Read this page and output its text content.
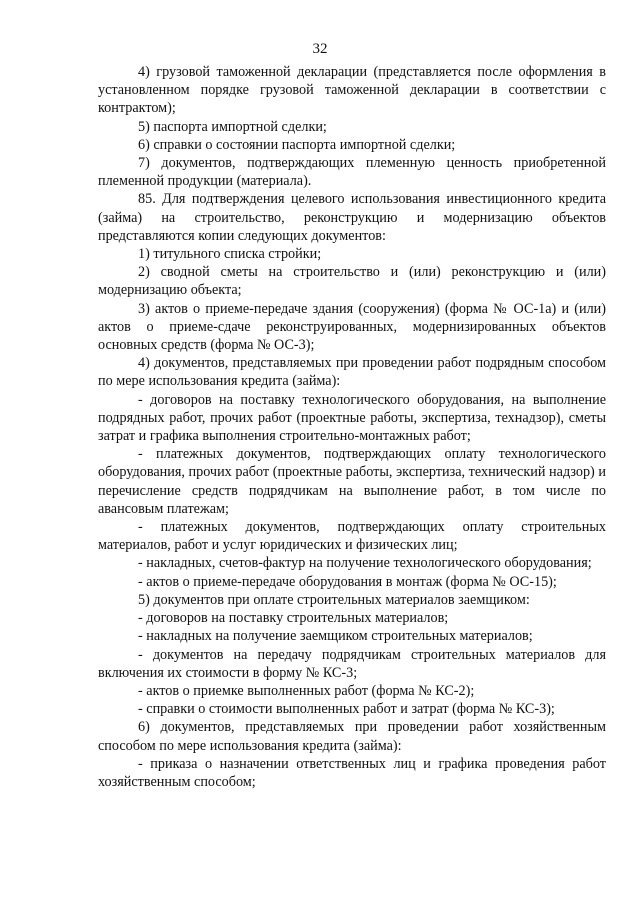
32

4) грузовой таможенной декларации (представляется после оформления в установленном порядке грузовой таможенной декларации в соответствии с контрактом);

5) паспорта импортной сделки;

6) справки о состоянии паспорта импортной сделки;

7) документов, подтверждающих племенную ценность приобретенной племенной продукции (материала).

85. Для подтверждения целевого использования инвестиционного кредита (займа) на строительство, реконструкцию и модернизацию объектов представляются копии следующих документов:

1) титульного списка стройки;

2) сводной сметы на строительство и (или) реконструкцию и (или) модернизацию объекта;

3) актов о приеме-передаче здания (сооружения) (форма № ОС-1а) и (или) актов о приеме-сдаче реконструированных, модернизированных объектов основных средств (форма № ОС-3);

4) документов, представляемых при проведении работ подрядным способом по мере использования кредита (займа):

- договоров на поставку технологического оборудования, на выполнение подрядных работ, прочих работ (проектные работы, экспертиза, технадзор), сметы затрат и графика выполнения строительно-монтажных работ;

- платежных документов, подтверждающих оплату технологического оборудования, прочих работ (проектные работы, экспертиза, технический надзор) и перечисление средств подрядчикам на выполнение работ, в том числе по авансовым платежам;

- платежных документов, подтверждающих оплату строительных материалов, работ и услуг юридических и физических лиц;

- накладных, счетов-фактур на получение технологического оборудования;

- актов о приеме-передаче оборудования в монтаж (форма № ОС-15);

5) документов при оплате строительных материалов заемщиком:

- договоров на поставку строительных материалов;

- накладных на получение заемщиком строительных материалов;

- документов на передачу подрядчикам строительных материалов для включения их стоимости в форму № КС-3;

- актов о приемке выполненных работ (форма № КС-2);

- справки о стоимости выполненных работ и затрат (форма № КС-3);

6) документов, представляемых при проведении работ хозяйственным способом по мере использования кредита (займа):

- приказа о назначении ответственных лиц и графика проведения работ хозяйственным способом;
